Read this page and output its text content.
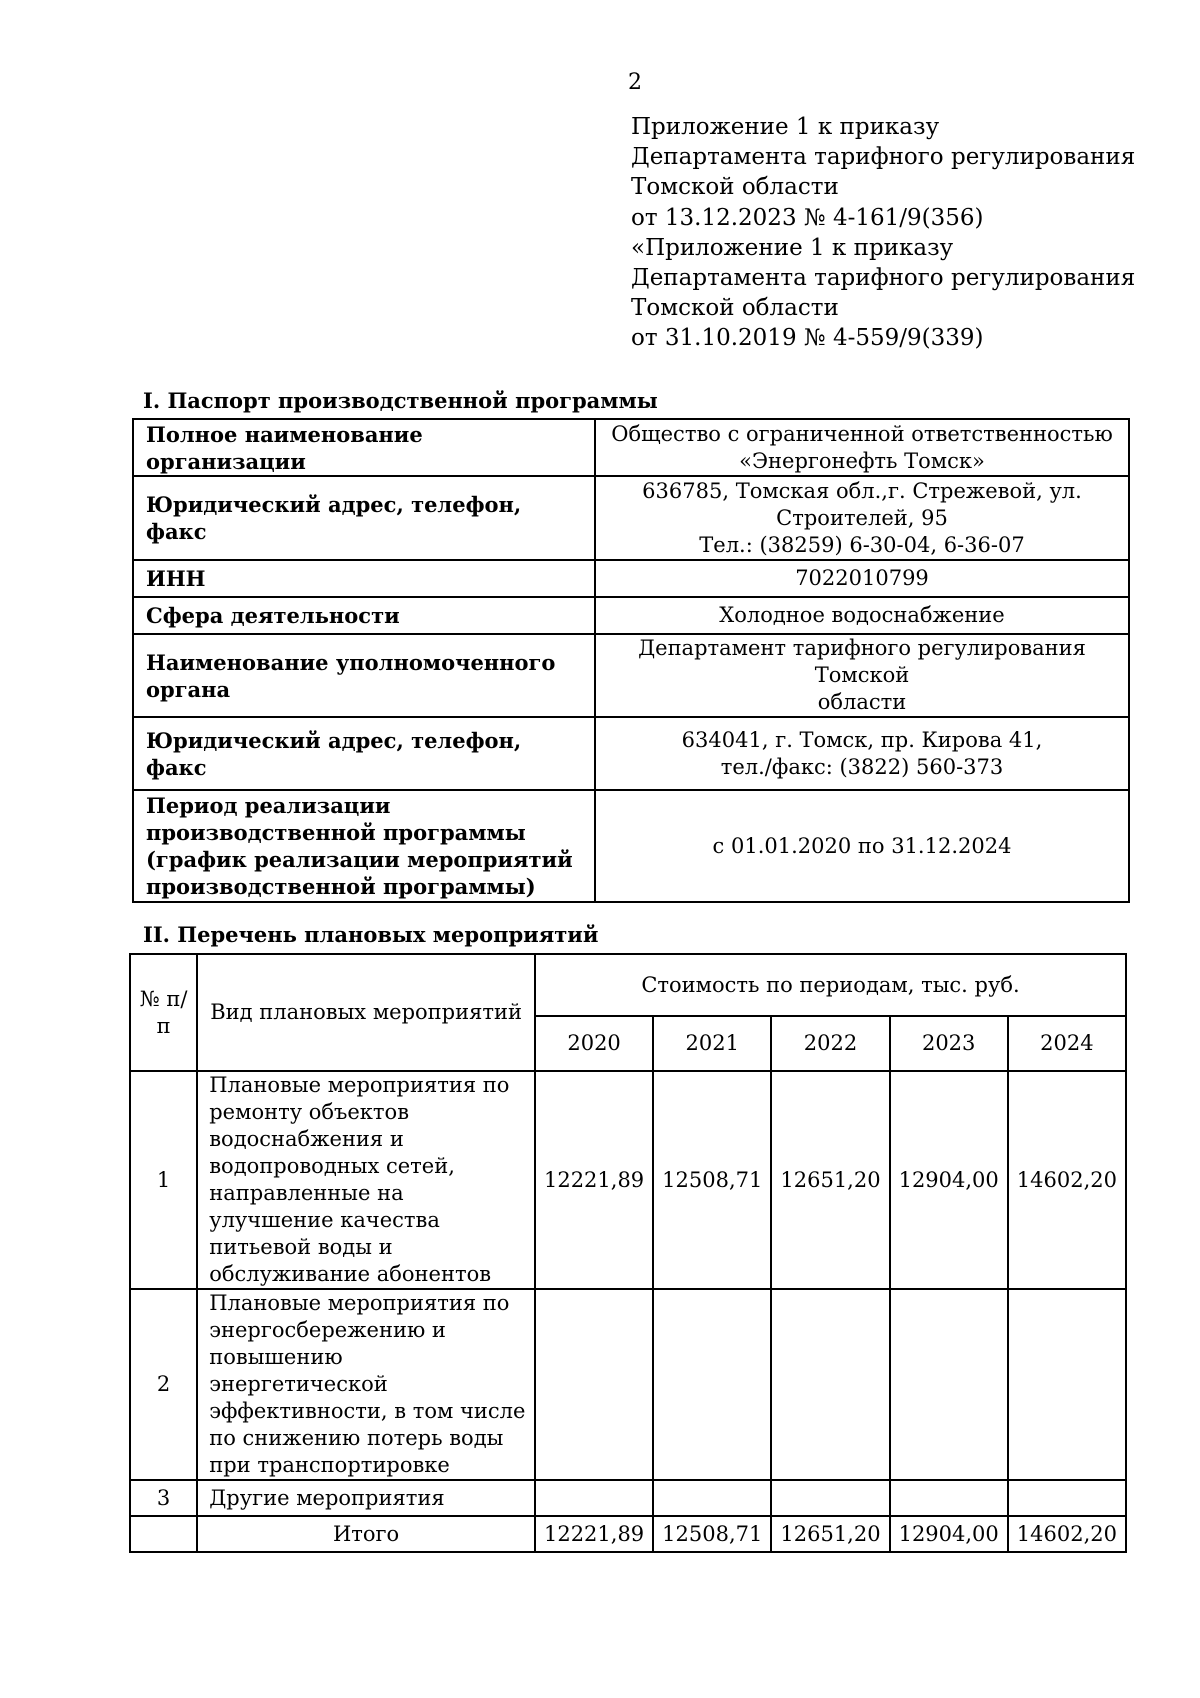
2
Приложение 1 к приказу
Департамента тарифного регулирования
Томской области
от 13.12.2023 № 4-161/9(356)
«Приложение 1 к приказу
Департамента тарифного регулирования
Томской области
от 31.10.2019 № 4-559/9(339)
I. Паспорт производственной программы
Полное наименование организации	Общество с ограниченной ответственностью
«Энергонефть Томск»

Юридический адрес, телефон, факс	636785, Томская обл.,г. Стрежевой, ул.
Строителей, 95
Тел.: (38259) 6-30-04, 6-36-07

ИНН	7022010799

Сфера деятельности	Холодное водоснабжение

Наименование уполномоченного органа	Департамент тарифного регулирования Томской
области

Юридический адрес, телефон, факс	634041, г. Томск, пр. Кирова 41,
тел./факс: (3822) 560-373

Период реализации производственной программы (график реализации мероприятий производственной программы)	с 01.01.2020 по 31.12.2024
II. Перечень плановых мероприятий
№ п/п	Вид плановых мероприятий	Стоимость по периодам, тыс. руб.				
		2020	2021	2022	2023	2024
1	Плановые мероприятия по ремонту объектов водоснабжения и водопроводных сетей, направленные на улучшение качества питьевой воды и обслуживание абонентов	12221,89	12508,71	12651,20	12904,00	14602,20
2	Плановые мероприятия по энергосбережению и повышению энергетической эффективности, в том числе по снижению потерь воды при транспортировке					
3	Другие мероприятия					
	Итого	12221,89	12508,71	12651,20	12904,00	14602,20
